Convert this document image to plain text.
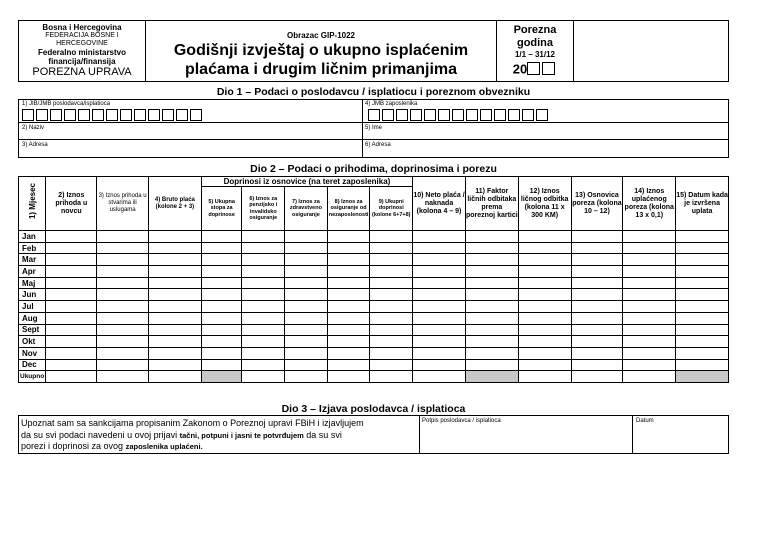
Bosna i Hercegovina
FEDERACIJA BOSNE I
HERCEGOVINE
Federalno ministarstvo
financija/finansija
POREZNA UPRAVA
Obrazac GIP-1022
Godišnji izvještaj o ukupno isplaćenim
plaćama i drugim ličnim primanjima
Porezna
godina
1/1 – 31/12
20
Dio 1 – Podaci o poslodavcu / isplatiocu i poreznom obvezniku
1) JIB/JMB poslodavca/isplatioca	4) JMB zaposlenika
2) Naziv	5) Ime
3) Adresa	6) Adresa
Dio 2 – Podaci o prihodima, doprinosima i porezu
1) Mjesec	2) Iznos prihoda u novcu	3) Iznos prihoda u stvarima ili uslugama	4) Bruto plaća (kolone 2 + 3)	Doprinosi iz osnovice (na teret zaposlenika)					10) Neto plaća / naknada (kolona 4 – 9)	11) Faktor ličnih odbitaka prema poreznoj kartici	12) Iznos ličnog odbitka (kolona 11 x 300 KM)	13) Osnovica poreza (kolona 10 – 12)	14) Iznos uplaćenog poreza (kolona 13 x 0,1)	15) Datum kada je izvršena uplata
				5) Ukupna stopa za doprinose	6) Iznos za penzijsko i invalidsko osiguranje	7) Iznos za zdravstveno osiguranje	8) Iznos za osiguranje od nezaposlenosti	9) Ukupni doprinosi (kolone 6+7+8)						
Jan														
Feb														
Mar														
Apr														
Maj														
Jun														
Jul														
Aug														
Sept														
Okt														
Nov														
Dec														
Ukupno														
Dio 3 – Izjava poslodavca / isplatioca
Upoznat sam sa sankcijama propisanim Zakonom o Poreznoj upravi FBiH i izjavljujem
da su svi podaci navedeni u ovoj prijavi tačni, potpuni i jasni te potvrđujem da su svi
porezi i doprinosi za ovog zaposlenika uplaćeni.
Potpis poslodavca / isplatioca	Datum
